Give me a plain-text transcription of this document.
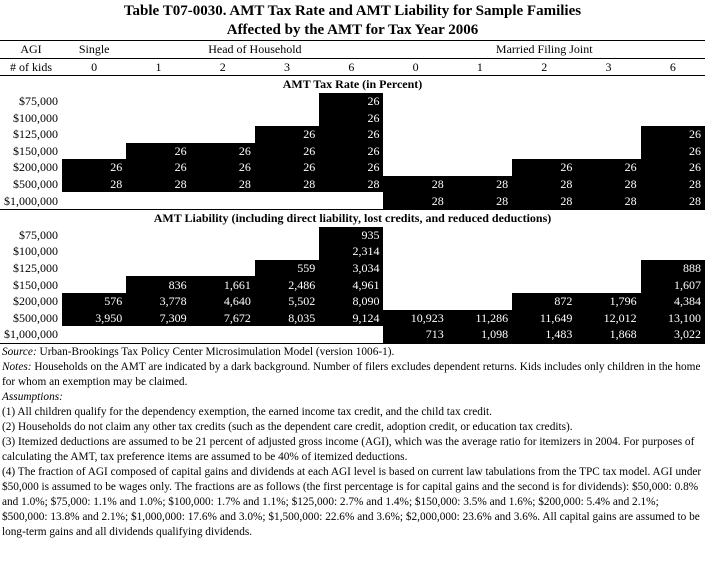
Table T07-0030. AMT Tax Rate and AMT Liability for Sample Families
Affected by the AMT for Tax Year 2006
AGI	Single	Head of Household				Married Filing Joint				
# of kids	0	1	2	3	6	0	1	2	3	6
AMT Tax Rate (in Percent)										
$75,000					26					
$100,000					26					
$125,000				26	26					26
$150,000		26	26	26	26					26
$200,000	26	26	26	26	26			26	26	26
$500,000	28	28	28	28	28	28	28	28	28	28
$1,000,000						28	28	28	28	28
AMT Liability (including direct liability, lost credits, and reduced deductions)										
$75,000					935					
$100,000					2,314					
$125,000				559	3,034					888
$150,000		836	1,661	2,486	4,961					1,607
$200,000	576	3,778	4,640	5,502	8,090			872	1,796	4,384
$500,000	3,950	7,309	7,672	8,035	9,124	10,923	11,286	11,649	12,012	13,100
$1,000,000						713	1,098	1,483	1,868	3,022

Source: Urban-Brookings Tax Policy Center Microsimulation Model (version 1006-1).

Notes: Households on the AMT are indicated by a dark background. Number of filers excludes dependent returns. Kids includes only children in the home for whom an exemption may be claimed.

Assumptions:

(1) All children qualify for the dependency exemption, the earned income tax credit, and the child tax credit.

(2) Households do not claim any other tax credits (such as the dependent care credit, adoption credit, or education tax credits).

(3) Itemized deductions are assumed to be 21 percent of adjusted gross income (AGI), which was the average ratio for itemizers in 2004. For purposes of calculating the AMT, tax preference items are assumed to be 40% of itemized deductions.

(4) The fraction of AGI composed of capital gains and dividends at each AGI level is based on current law tabulations from the TPC tax model. AGI under $50,000 is assumed to be wages only. The fractions are as follows (the first percentage is for capital gains and the second is for dividends): $50,000: 0.8% and 1.0%; $75,000: 1.1% and 1.0%; $100,000: 1.7% and 1.1%; $125,000: 2.7% and 1.4%; $150,000: 3.5% and 1.6%; $200,000: 5.4% and 2.1%; $500,000: 13.8% and 2.1%; $1,000,000: 17.6% and 3.0%; $1,500,000: 22.6% and 3.6%; $2,000,000: 23.6% and 3.6%. All capital gains are assumed to be long-term gains and all dividends qualifying dividends.
